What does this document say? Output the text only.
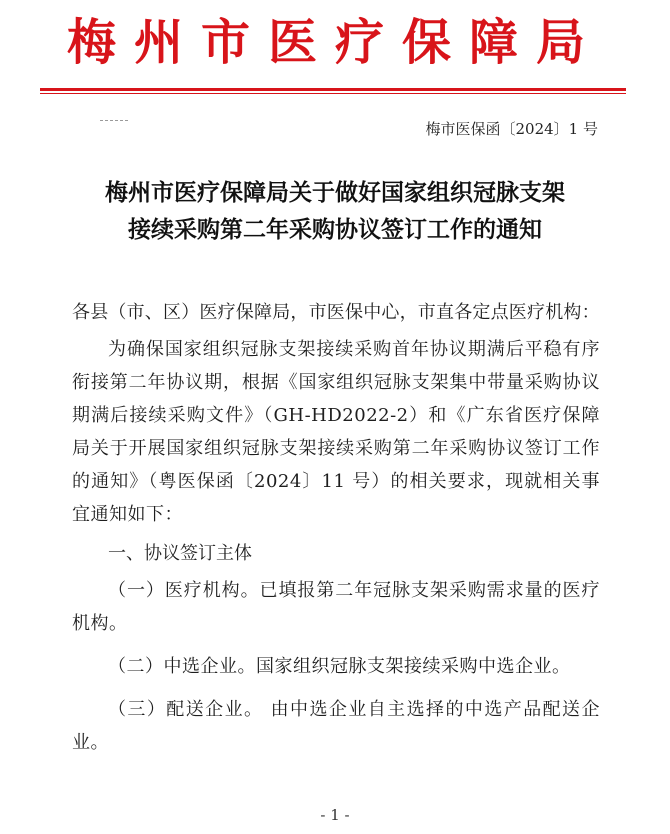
梅州市医疗保障局
梅市医保函〔2024〕1 号
梅州市医疗保障局关于做好国家组织冠脉支架
接续采购第二年采购协议签订工作的通知

各县（市、区）医疗保障局，市医保中心，市直各定点医疗机构：

为确保国家组织冠脉支架接续采购首年协议期满后平稳有序衔接第二年协议期，根据《国家组织冠脉支架集中带量采购协议期满后接续采购文件》（GH-HD2022-2）和《广东省医疗保障局关于开展国家组织冠脉支架接续采购第二年采购协议签订工作的通知》（粤医保函〔2024〕11 号）的相关要求，现就相关事宜通知如下：

一、协议签订主体

（一）医疗机构。已填报第二年冠脉支架采购需求量的医疗机构。

（二）中选企业。国家组织冠脉支架接续采购中选企业。

（三）配送企业。 由中选企业自主选择的中选产品配送企业。

- 1 -
